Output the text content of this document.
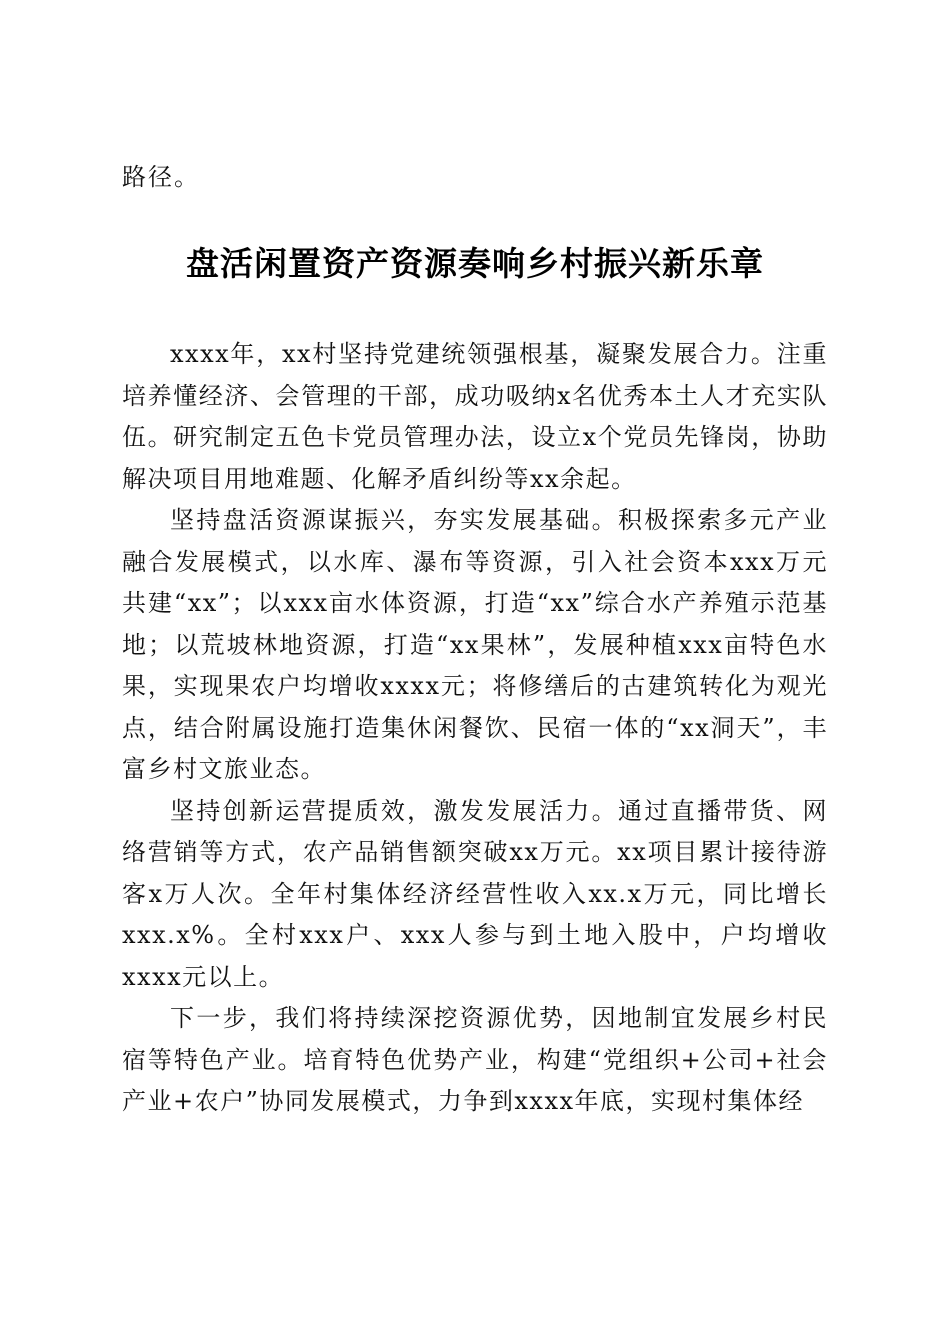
路径。
盘活闲置资产资源奏响乡村振兴新乐章

xxxx年，xx村坚持党建统领强根基，凝聚发展合力。注重培养懂经济、会管理的干部，成功吸纳x名优秀本土人才充实队伍。研究制定五色卡党员管理办法，设立x个党员先锋岗，协助解决项目用地难题、化解矛盾纠纷等xx余起。

坚持盘活资源谋振兴，夯实发展基础。积极探索多元产业融合发展模式，以水库、瀑布等资源，引入社会资本xxx万元共建“xx”；以xxx亩水体资源，打造“xx”综合水产养殖示范基地；以荒坡林地资源，打造“xx果林”，发展种植xxx亩特色水果，实现果农户均增收xxxx元；将修缮后的古建筑转化为观光点，结合附属设施打造集休闲餐饮、民宿一体的“xx洞天”，丰富乡村文旅业态。

坚持创新运营提质效，激发发展活力。通过直播带货、网络营销等方式，农产品销售额突破xx万元。xx项目累计接待游客x万人次。全年村集体经济经营性收入xx.x万元，同比增长xxx.x%。全村xxx户、xxx人参与到土地入股中，户均增收xxxx元以上。

下一步，我们将持续深挖资源优势，因地制宜发展乡村民宿等特色产业。培育特色优势产业，构建“党组织+公司+社会产业+农户”协同发展模式，力争到xxxx年底，实现村集体经
